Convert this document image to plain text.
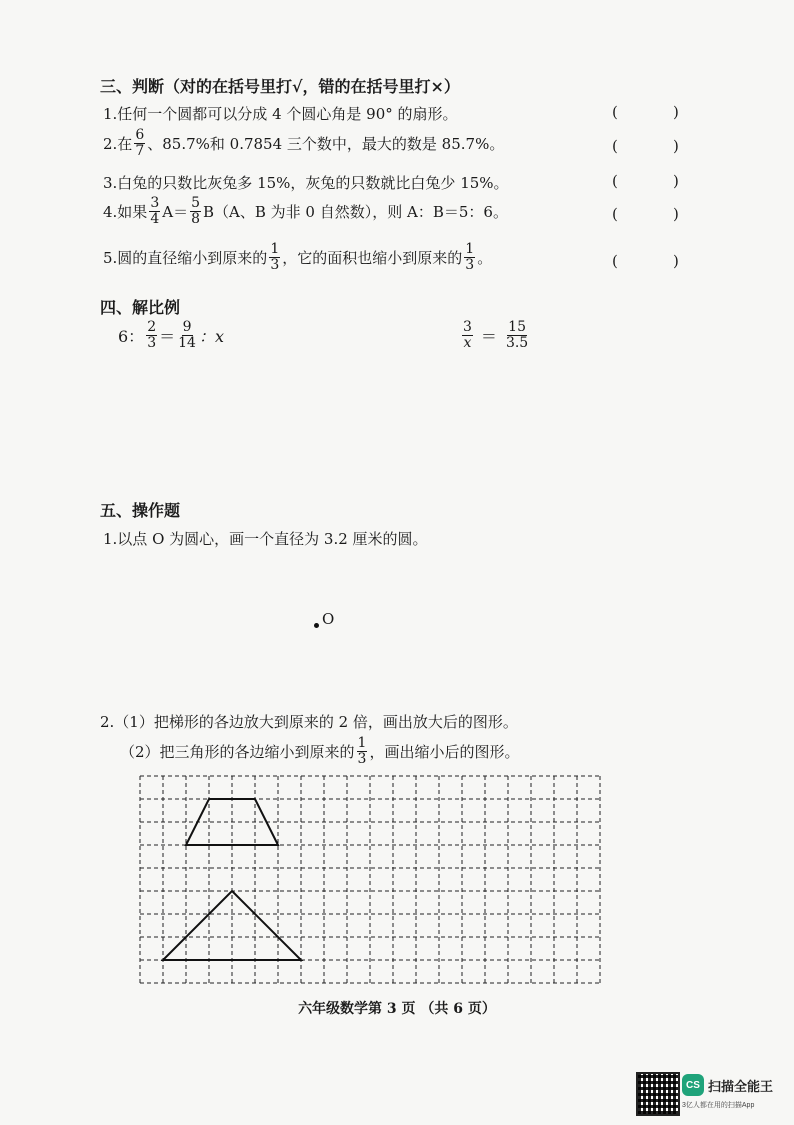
三、判断（对的在括号里打√，错的在括号里打×）
1.任何一个圆都可以分成 4 个圆心角是 90° 的扇形。	(	)
2.在 $\frac{6}{7}$ 、85.7%和 0.7854 三个数中，最大的数是 85.7%。	(	)
3.白兔的只数比灰兔多 15%，灰兔的只数就比白兔少 15%。	(	)
4.如果 $\frac{3}{4} A= \frac{5}{8} B(A$、B 为非 0 自然数），则 A：B＝5：6。	(	)
5.圆的直径缩小到原来的 $\frac{1}{3}$ ，它的面积也缩小到原来的 $\frac{1}{3}$ 。	(	)
四、解比例
6： $\frac{2}{3} = \frac{9}{14}$ ：x	$\frac{3}{x} = \frac{15}{3.5}$
五、操作题
1.以点 O 为圆心，画一个直径为 3.2 厘米的圆。
O
2.（1）把梯形的各边放大到原来的 2 倍，画出放大后的图形。
（2）把三角形的各边缩小到原来的 $\frac{1}{3}$ ，画出缩小后的图形。
六年级数学第 3 页 （共 6 页）
CS 扫描全能王
3亿人都在用的扫描App
